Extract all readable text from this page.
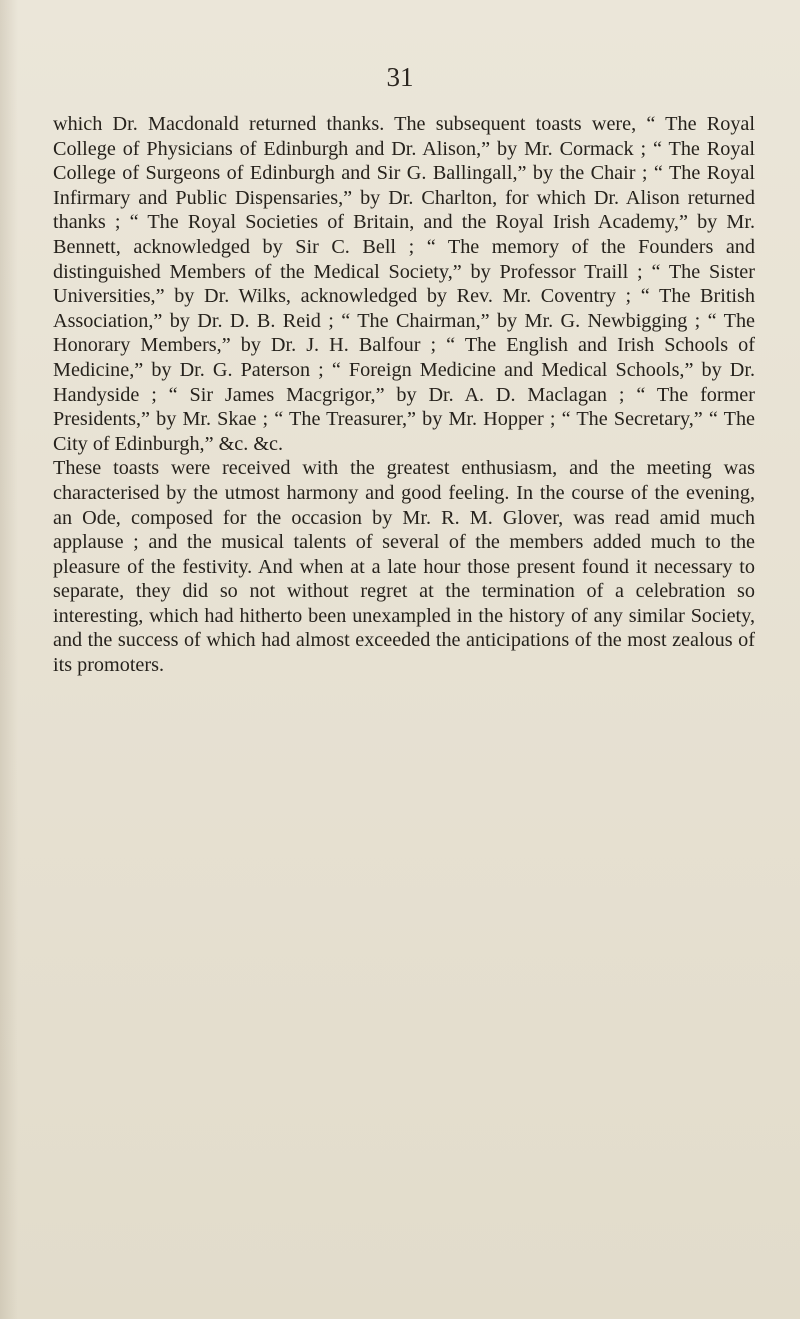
31

which Dr. Macdonald returned thanks. The subsequent toasts were, “ The Royal College of Physicians of Edinburgh and Dr. Alison,” by Mr. Cormack ; “ The Royal College of Surgeons of Edinburgh and Sir G. Ballingall,” by the Chair ; “ The Royal Infirmary and Public Dispensaries,” by Dr. Charlton, for which Dr. Alison returned thanks ; “ The Royal Societies of Britain, and the Royal Irish Academy,” by Mr. Bennett, acknowledged by Sir C. Bell ; “ The memory of the Founders and distinguished Members of the Medical Society,” by Professor Traill ; “ The Sister Universities,” by Dr. Wilks, acknowledged by Rev. Mr. Coventry ; “ The British Association,” by Dr. D. B. Reid ; “ The Chairman,” by Mr. G. Newbigging ; “ The Honorary Members,” by Dr. J. H. Balfour ; “ The English and Irish Schools of Medicine,” by Dr. G. Paterson ; “ Foreign Medicine and Medical Schools,” by Dr. Handyside ; “ Sir James Macgrigor,” by Dr. A. D. Maclagan ; “ The former Presidents,” by Mr. Skae ; “ The Treasurer,” by Mr. Hopper ; “ The Secretary,” “ The City of Edinburgh,” &c. &c.

These toasts were received with the greatest enthusiasm, and the meeting was characterised by the utmost harmony and good feeling. In the course of the evening, an Ode, composed for the occasion by Mr. R. M. Glover, was read amid much applause ; and the musical talents of several of the members added much to the pleasure of the festivity. And when at a late hour those present found it necessary to separate, they did so not without regret at the termination of a celebration so interesting, which had hitherto been unexampled in the history of any similar Society, and the success of which had almost exceeded the anticipations of the most zealous of its promoters.
